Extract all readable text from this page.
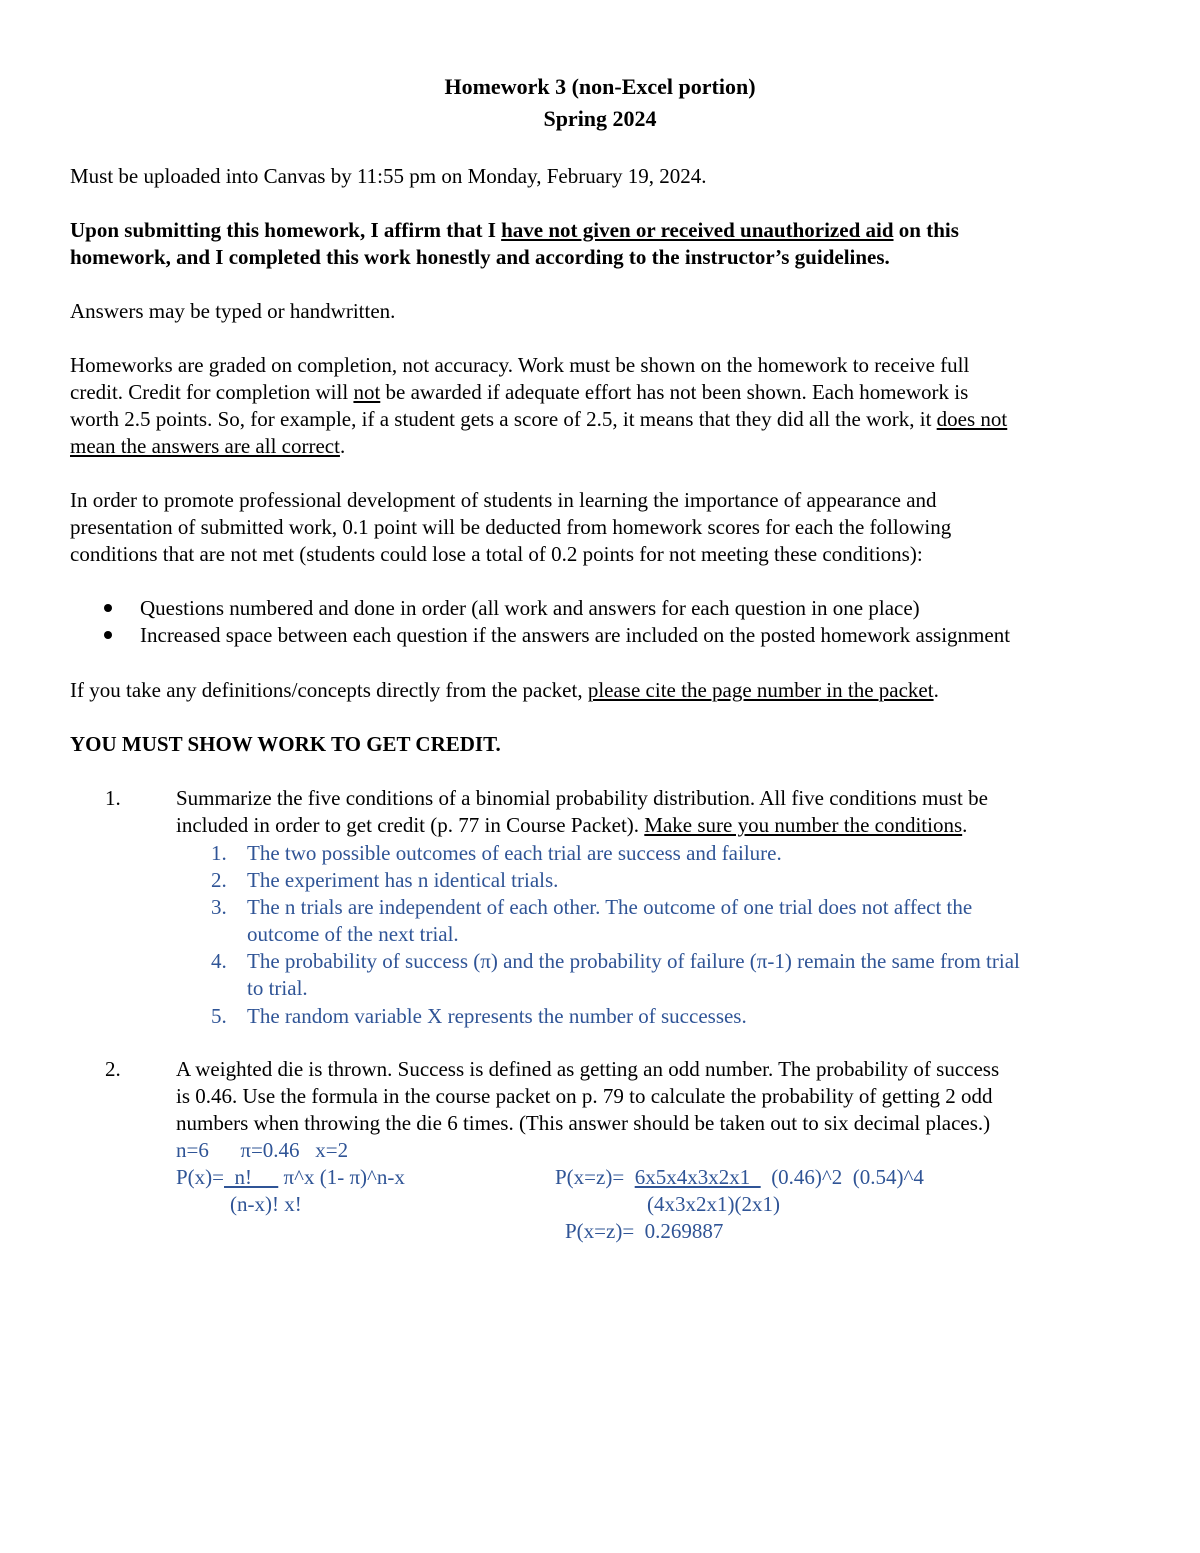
Homework 3 (non-Excel portion)
Spring 2024
Must be uploaded into Canvas by 11:55 pm on Monday, February 19, 2024.
Upon submitting this homework, I affirm that I have not given or received unauthorized aid on this
homework, and I completed this work honestly and according to the instructor’s guidelines.
Answers may be typed or handwritten.
Homeworks are graded on completion, not accuracy. Work must be shown on the homework to receive full
credit. Credit for completion will not be awarded if adequate effort has not been shown. Each homework is
worth 2.5 points. So, for example, if a student gets a score of 2.5, it means that they did all the work, it does not
mean the answers are all correct.
In order to promote professional development of students in learning the importance of appearance and
presentation of submitted work, 0.1 point will be deducted from homework scores for each the following
conditions that are not met (students could lose a total of 0.2 points for not meeting these conditions):
Questions numbered and done in order (all work and answers for each question in one place)
Increased space between each question if the answers are included on the posted homework assignment
If you take any definitions/concepts directly from the packet, please cite the page number in the packet.
YOU MUST SHOW WORK TO GET CREDIT.
1.	Summarize the five conditions of a binomial probability distribution. All five conditions must be
included in order to get credit (p. 77 in Course Packet). Make sure you number the conditions.
1. The two possible outcomes of each trial are success and failure.
2. The experiment has n identical trials.
3. The n trials are independent of each other. The outcome of one trial does not affect the
outcome of the next trial.
4. The probability of success (π) and the probability of failure (π-1) remain the same from trial
to trial.
5. The random variable X represents the number of successes.
2.	A weighted die is thrown. Success is defined as getting an odd number. The probability of success
is 0.46. Use the formula in the course packet on p. 79 to calculate the probability of getting 2 odd
numbers when throwing the die 6 times. (This answer should be taken out to six decimal places.)
n=6      π=0.46   x=2
P(x)=  n!      π^x (1- π)^n-x
(n-x)! x!
P(x=z)=  6x5x4x3x2x1    (0.46)^2  (0.54)^4
(4x3x2x1)(2x1)
P(x=z)=  0.269887
